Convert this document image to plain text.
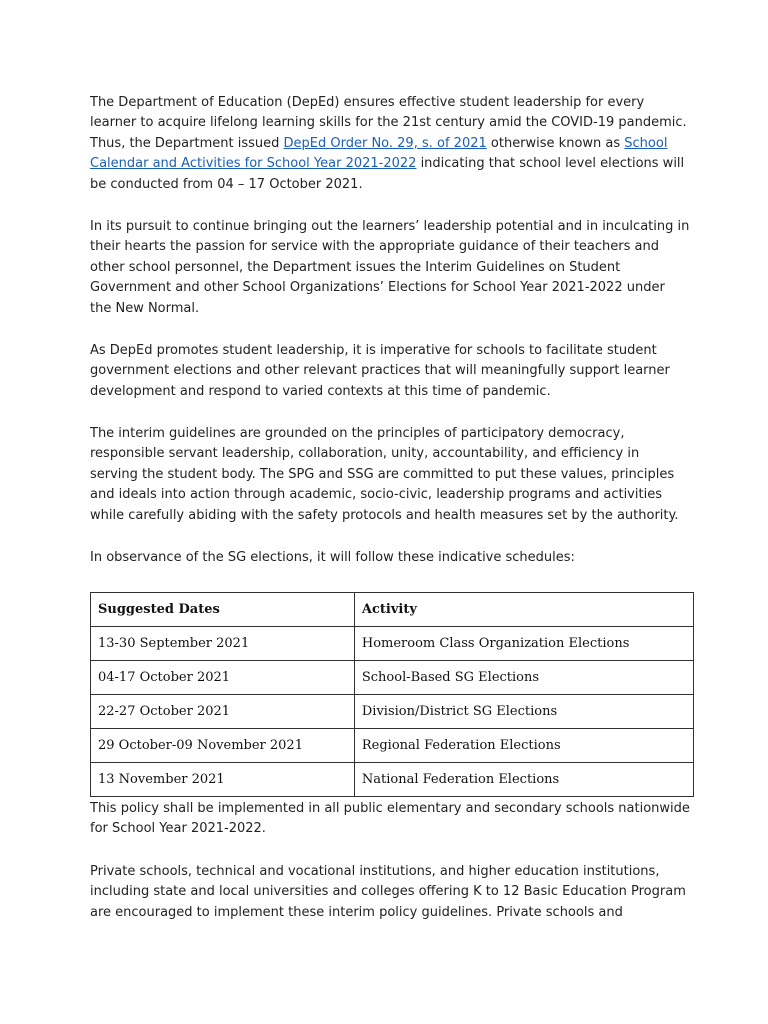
The Department of Education (DepEd) ensures effective student leadership for every learner to acquire lifelong learning skills for the 21st century amid the COVID-19 pandemic. Thus, the Department issued DepEd Order No. 29, s. of 2021 otherwise known as School Calendar and Activities for School Year 2021-2022 indicating that school level elections will be conducted from 04 – 17 October 2021.

In its pursuit to continue bringing out the learners’ leadership potential and in inculcating in their hearts the passion for service with the appropriate guidance of their teachers and other school personnel, the Department issues the Interim Guidelines on Student Government and other School Organizations’ Elections for School Year 2021-2022 under the New Normal.

As DepEd promotes student leadership, it is imperative for schools to facilitate student government elections and other relevant practices that will meaningfully support learner development and respond to varied contexts at this time of pandemic.

The interim guidelines are grounded on the principles of participatory democracy, responsible servant leadership, collaboration, unity, accountability, and efficiency in serving the student body. The SPG and SSG are committed to put these values, principles and ideals into action through academic, socio-civic, leadership programs and activities while carefully abiding with the safety protocols and health measures set by the authority.

In observance of the SG elections, it will follow these indicative schedules:

This policy shall be implemented in all public elementary and secondary schools nationwide for School Year 2021-2022.

Private schools, technical and vocational institutions, and higher education institutions, including state and local universities and colleges offering K to 12 Basic Education Program are encouraged to implement these interim policy guidelines. Private schools and

Suggested Dates	Activity
13-30 September 2021	Homeroom Class Organization Elections
04-17 October 2021	School-Based SG Elections
22-27 October 2021	Division/District SG Elections
29 October-09 November 2021	Regional Federation Elections
13 November 2021	National Federation Elections
